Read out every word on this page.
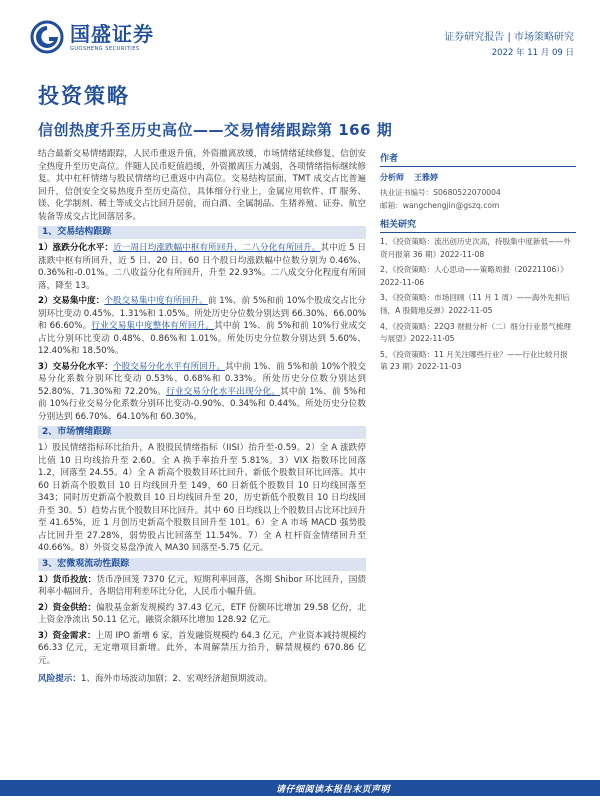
国盛证券
GUOSHENG SECURITIES
证券研究报告 | 市场策略研究
2022 年 11 月 09 日
投资策略
信创热度升至历史高位——交易情绪跟踪第 166 期

结合最新交易情绪跟踪，人民币重返升值，外资撤离放缓，市场情绪延续修复，信创安全热度升至历史高位。伴随人民币贬值趋缓，外资撤离压力减弱，各项情绪指标继续修复。其中杠杆情绪与股民情绪均已重返中内高位。交易结构层面，TMT 成交占比普遍回升，信创安全交易热度升至历史高位，具体细分行业上，金属应用软件、IT 服务、镁、化学制剂、稀土等成交占比回升居前，而白酒、全属制品、生猪养殖、证券、航空装备等成交占比回落居多。

1、交易结构跟踪

1）涨跌分化水平：近一周日均涨跌幅中枢有所回升，二八分化有所回升。其中近 5 日涨跌中枢有所回升，近 5 日、20 日、60 日个股日均涨跌幅中位数分别为 0.46%、0.36%和-0.01%。二八收益分化有所回升，升至 22.93%。二八成交分化程度有所回落，降至 13。

2）交易集中度：个股交易集中度有所回升。前 1%、前 5%和前 10%个股成交占比分别环比变动 0.45%、1.31%和 1.05%。所处历史分位数分别达到 66.30%、66.00%和 66.60%。行业交易集中度整体有所回升。其中前 1%、前 5%和前 10%行业成交占比分别环比变动 0.48%、0.86%和 1.01%。所处历史分位数分别达到 5.60%、12.40%和 18.50%。

3）交易分化水平：个股交易分化水平有所回升。其中前 1%、前 5%和前 10%个股交易分化系数分别环比变动 0.53%、0.68%和 0.33%。所处历史分位数分别达到 52.80%、71.30%和 72.20%。行业交易分化水平出现分化。其中前 1%、前 5%和前 10%行业交易分化系数分别环比变动-0.90%、0.34%和 0.44%。所处历史分位数分别达到 66.70%、64.10%和 60.30%。

2、市场情绪跟踪

1）股民情绪指标环比抬升，A 股股民情绪指标（IISI）抬升至-0.59。2）全 A 涨跌停比值 10 日均线抬升至 2.60。全 A 换手率抬升至 5.81%。3）VIX 指数环比回落 1.2，回落至 24.55。4）全 A 新高个股数目环比回升、新低个股数目环比回落。其中 60 日新高个股数目 10 日均线回升至 149，60 日新低个股数目 10 日均线回落至 343；同时历史新高个股数目 10 日均线回升至 20，历史新低个股数目 10 日均线回升至 30。5）趋势占优个股数目环比回升。其中 60 日均线以上个股数目占比环比回升至 41.65%，近 1 月创历史新高个股数目回升至 101。6）全 A 市场 MACD 强势股占比回升至 27.28%，弱势股占比回落至 11.54%。7）全 A 杠杆资金情绪回升至 40.66%。8）外资交易盘净流入 MA30 回落至-5.75 亿元。

3、宏微观流动性跟踪

1）货币投放：货币净回笼 7370 亿元，短期利率回落，各期 Shibor 环比回升，国债利率小幅回升，各期信用利差环比分化，人民币小幅升值。

2）资金供给：偏股基金新发规模约 37.43 亿元，ETF 份额环比增加 29.58 亿份，北上资金净流出 50.11 亿元，融资余额环比增加 128.92 亿元。

3）资金需求：上周 IPO 新增 6 家，首发融资规模约 64.3 亿元，产业资本减持规模约 66.33 亿元，无定增项目新增。此外，本周解禁压力抬升，解禁规模约 670.86 亿元。

风险提示：1、海外市场波动加剧；2、宏观经济超预期波动。

作者
分析师 王雅婷
执业证书编号：S0680522070004
邮箱：wangchengjin@gszq.com
相关研究
1、《投资策略：流出创历史次高，持股集中度新低——外资月报第 36 期》2022-11-08
2、《投资策略：人心思动——策略周报（20221106）》2022-11-06
3、《投资策略：市场回顾（11 月 1 周）——海外先抑后扬，A 股随地反弹》2022-11-05
4、《投资策略：22Q3 财报分析（二）细分行业景气梳理与展望》2022-11-05
5、《投资策略：11 月关注哪些行业？——行业比较月报 第 23 期》2022-11-03
请仔细阅读本报告末页声明
